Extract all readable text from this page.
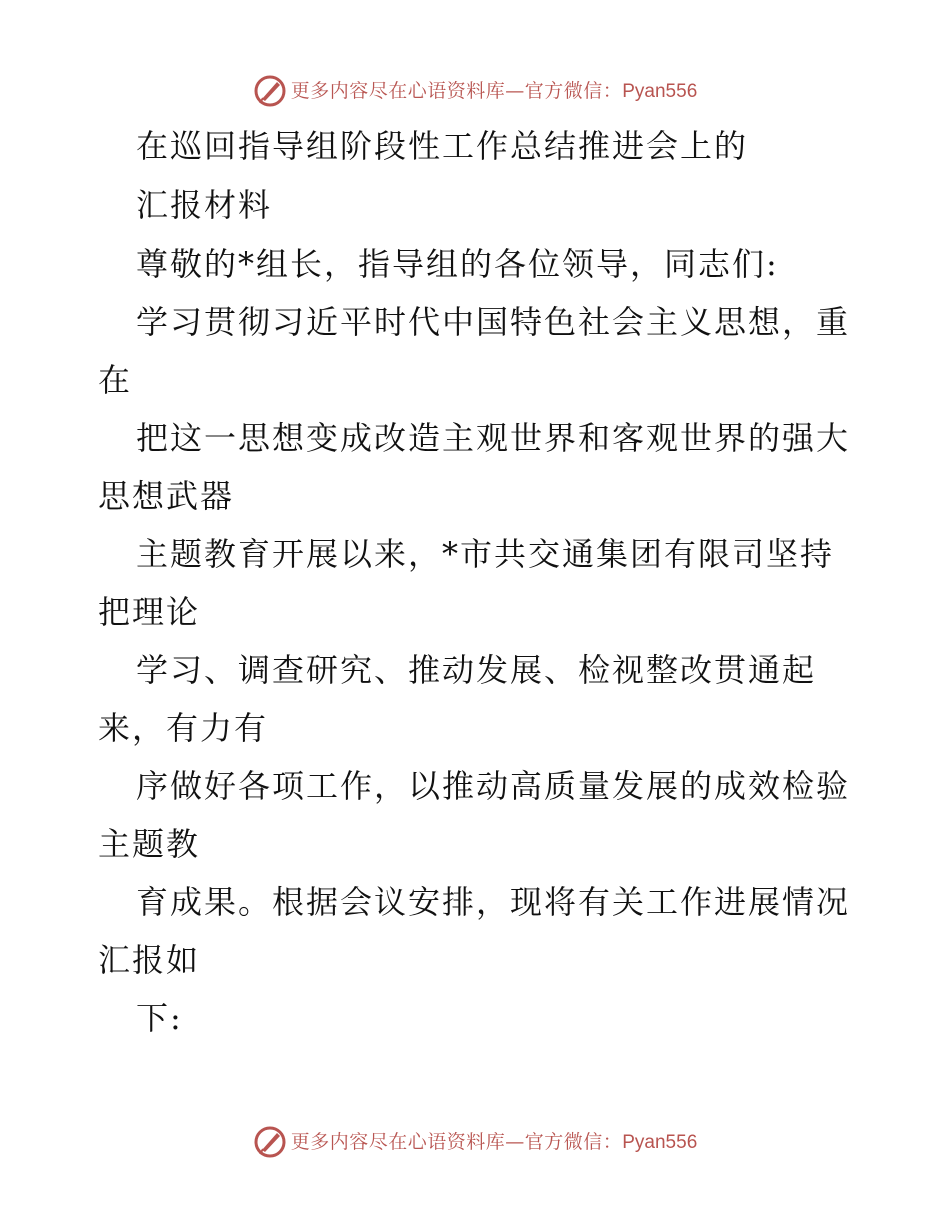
更多内容尽在心语资料库—官方微信： Pyan556
在巡回指导组阶段性工作总结推进会上的
汇报材料
尊敬的*组长，指导组的各位领导，同志们:
学习贯彻习近平时代中国特色社会主义思想，重
在
把这一思想变成改造主观世界和客观世界的强大
思想武器
主题教育开展以来，*市共交通集团有限司坚持
把理论
学习、调查研究、推动发展、检视整改贯通起
来，有力有
序做好各项工作，以推动高质量发展的成效检验
主题教
育成果。根据会议安排，现将有关工作进展情况
汇报如
下:
更多内容尽在心语资料库—官方微信： Pyan556
